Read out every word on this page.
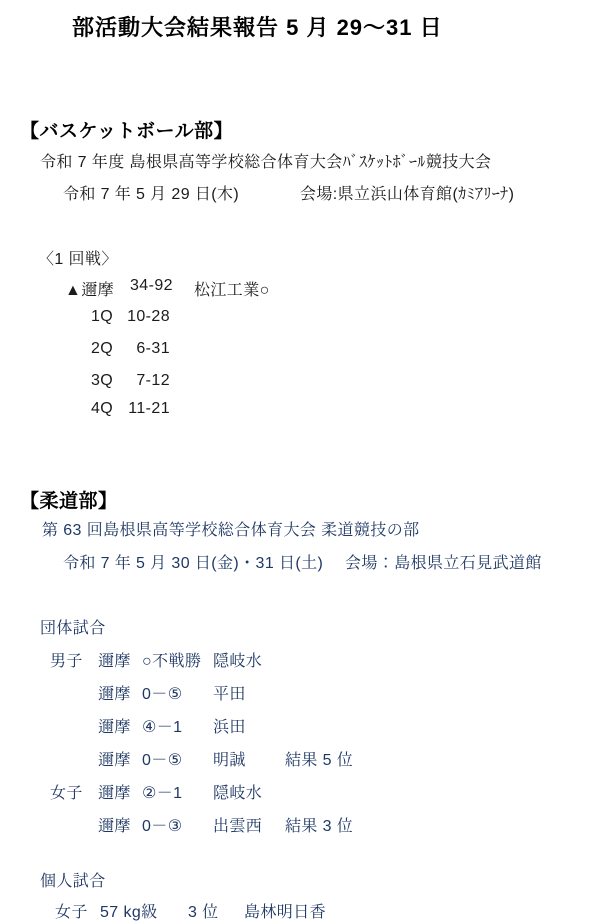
部活動大会結果報告 5 月 29～31 日
【バスケットボール部】
令和 7 年度 島根県高等学校総合体育大会ﾊﾞｽｹｯﾄﾎﾞｰﾙ競技大会
令和 7 年 5 月 29 日(木)	会場:県立浜山体育館(ｶﾐｱﾘｰﾅ)
〈1 回戦〉
▲邇摩 34-92	松江工業○
1Q 10-28
2Q	6-31
3Q	7-12
4Q 11-21
【柔道部】
第 63 回島根県高等学校総合体育大会 柔道競技の部
令和 7 年 5 月 30 日(金)・31 日(土) 会場：島根県立石見武道館
団体試合
男子 邇摩 ○不戦勝 隠岐水
邇摩 0－⑤	平田
邇摩 ④－1	浜田
邇摩 0－⑤	明誠	結果 5 位
女子 邇摩 ②－1	隠岐水
邇摩 0－③	出雲西	結果 3 位
個人試合
女子 57 kg級	3 位	島林明日香
